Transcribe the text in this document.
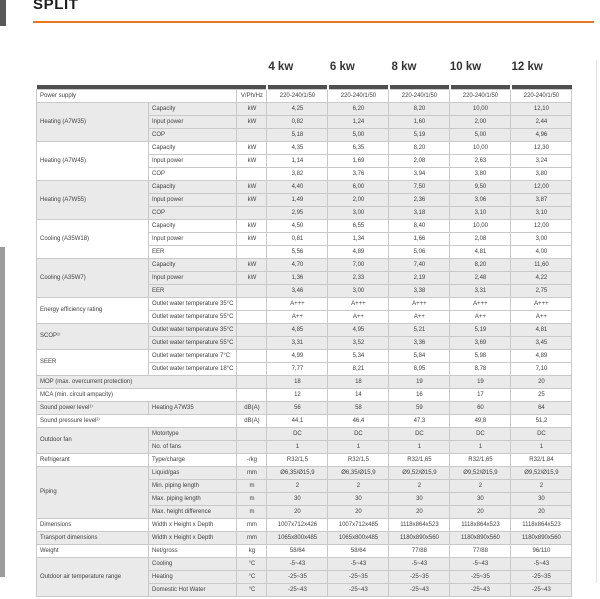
SPLIT
4 kw	6 kw	8 kw	10 kw	12 kw

Power supply		V/Ph/Hz	220-240/1/50	220-240/1/50	220-240/1/50	220-240/1/50	220-240/1/50
Heating (A7W35)	Capacity	kW	4,25	6,20	8,20	10,00	12,10
	Input power	kW	0,82	1,24	1,60	2,00	2,44
	COP		5,18	5,00	5,19	5,00	4,96
Heating (A7W45)	Capacity	kW	4,35	6,35	8,20	10,00	12,30
	Input power	kW	1,14	1,69	2,08	2,63	3,24
	COP		3,82	3,76	3,94	3,80	3,80
Heating (A7W55)	Capacity	kW	4,40	6,00	7,50	9,50	12,00
	Input power	kW	1,49	2,00	2,36	3,06	3,87
	COP		2,95	3,00	3,18	3,10	3,10
Cooling (A35W18)	Capacity	kW	4,50	6,55	8,40	10,00	12,00
	Input power	kW	0,81	1,34	1,66	2,08	3,00
	EER		5,56	4,89	5,06	4,81	4,00
Cooling (A35W7)	Capacity	kW	4,70	7,00	7,40	8,20	11,60
	Input power	kW	1,36	2,33	2,19	2,48	4,22
	EER		3,46	3,00	3,38	3,31	2,75
Energy efficiency rating	Outlet water temperature 35°C		A+++	A+++	A+++	A+++	A+++
	Outlet water temperature 55°C		A++	A++	A++	A++	A++
SCOP¹⁾	Outlet water temperature 35°C		4,85	4,95	5,21	5,19	4,81
	Outlet water temperature 55°C		3,31	3,52	3,36	3,69	3,45
SEER	Outlet water temperature 7°C		4,99	5,34	5,84	5,98	4,89
	Outlet water temperature 18°C		7,77	8,21	8,95	8,78	7,10
MOP (max. overcurrent protection)			18	18	19	19	20
MCA (min. circuit ampacity)			12	14	16	17	25
Sound power level¹⁾	Heating A7W35	dB(A)	56	58	59	60	64
Sound pressure level²⁾		dB(A)	44,1	46,4	47,3	49,8	51,2
Outdoor fan	Motortype		DC	DC	DC	DC	DC
	No. of fans		1	1	1	1	1
Refrigerant	Type/charge	-/kg	R32/1,5	R32/1,5	R32/1,65	R32/1,65	R32/1,84
Piping	Liquid/gas	mm	Ø6,35/Ø15,9	Ø6,35/Ø15,9	Ø9,52/Ø15,9	Ø9,52/Ø15,9	Ø9,52/Ø15,9
	Min. piping length	m	2	2	2	2	2
	Max. piping length	m	30	30	30	30	30
	Max. height difference	m	20	20	20	20	20
Dimensions	Width x Height x Depth	mm	1007x712x426	1007x712x485	1118x864x523	1118x864x523	1118x864x523
Transport dimensions	Width x Height x Depth	mm	1065x800x485	1065x800x485	1180x890x560	1180x890x560	1180x890x560
Weight	Net/gross	kg	58/64	58/64	77/88	77/88	96/110
Outdoor air temperature range	Cooling	°C	-5~43	-5~43	-5~43	-5~43	-5~43
	Heating	°C	-25~35	-25~35	-25~35	-25~35	-25~35
	Domestic Hot Water	°C	-25~43	-25~43	-25~43	-25~43	-25~43
